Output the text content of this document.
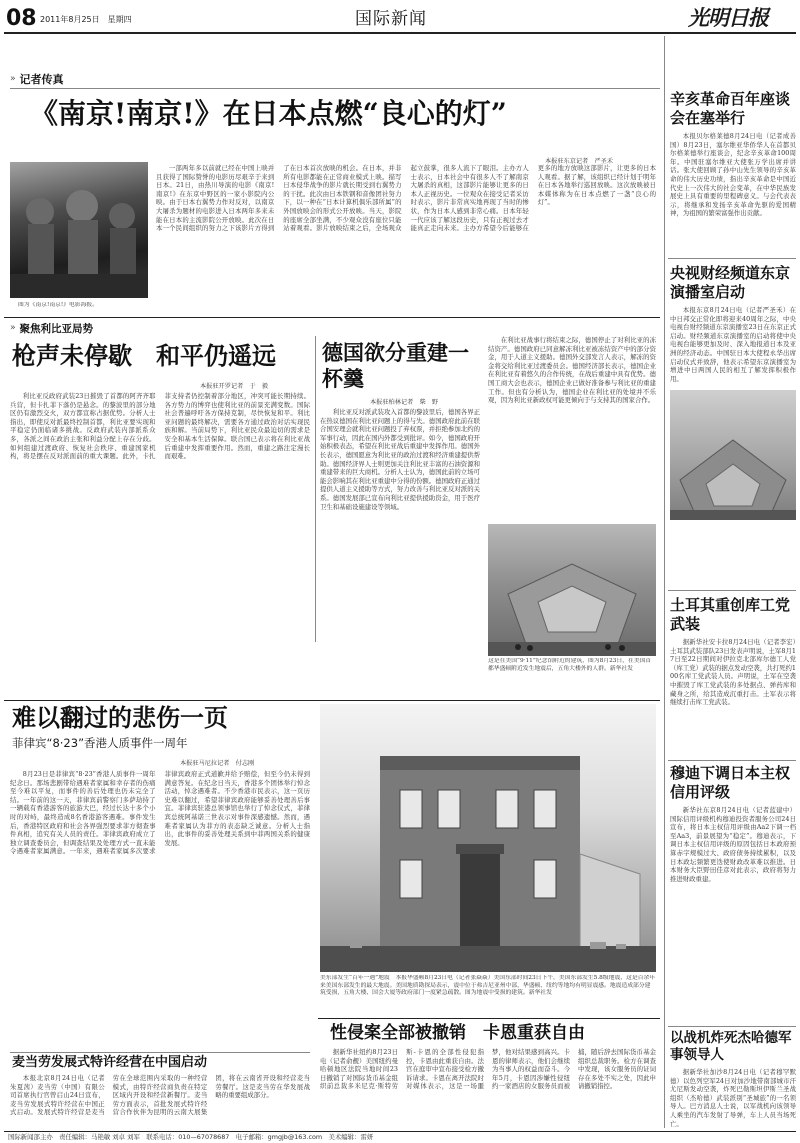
08 2011年8月25日　星期四	国际新闻	光明日报
» 记者传真
《南京!南京!》在日本点燃“良心的灯”
本报驻东京记者　严圣禾
图为《南京!南京!》电影海报。

一部两年多以前就已经在中国上映并且获得了国际赞誉的电影历尽艰辛于来到日本。21日，由热川导演的电影《南京!南京!》在东京中野区的一家小影院内公映。由于日本右翼势力作对反对，以南京大屠杀为题材的电影进入日本两年多来未能在日本的主流影院公开放映。此次在日本一个民间组织的努力之下该影片方得到了在日本首次放映的机会。在日本，并非所有电影都能在正常商业模式上映。描写日本侵华战争的影片就长期受到右翼势力的干扰。此次由日本铁钢和音像团社努力下，以一种在“日本计算机俱乐部所属”的外国放映会的形式公开放映。当天，影院的座席全部坐满，不少观众没有座位只能站着观看。影片放映结束之后，全场观众起立鼓掌，很多人流下了眼泪。主办方人士表示，日本社会中有很多人不了解南京大屠杀的真相，这部影片能够让更多的日本人正视历史。一位观众在接受记者采访时表示，影片非常真实地再现了当时的惨状，作为日本人感到非常心痛。日本年轻一代应该了解这段历史，只有正视过去才能真正走向未来。主办方希望今后能够在更多的地方放映这部影片，让更多的日本人观看。据了解，该组织已经计划于明年在日本各地举行巡回放映。这次放映被日本媒体称为在日本点燃了一盏“良心的灯”。

» 聚焦利比亚局势
枪声未停歇　和平仍遥远
本报驻开罗记者　于　毅

利比亚反政府武装23日摧毁了首都的阿齐齐耶兵营，但卡扎菲下落仍是悬念。的黎波里的部分地区仍有激烈交火，双方都宣称占据优势。分析人士指出，即使反对派最终控制首都，利比亚要实现和平稳定仍面临诸多挑战。反政府武装内部派系众多，各派之间在政治主张和利益分配上存在分歧。如何组建过渡政府、恢复社会秩序、重建国家机构，将是摆在反对派面前的重大课题。此外，卡扎菲支持者仍控制着部分地区，冲突可能长期持续。各方势力的博弈也使利比亚的前景充满变数。国际社会普遍呼吁各方保持克制，尽快恢复和平。利比亚问题的最终解决，需要各方通过政治对话实现民族和解。当前局势下，利比亚民众最迫切的需求是安全和基本生活保障。联合国已表示将在利比亚战后重建中发挥重要作用。然而，重建之路注定漫长而艰难。

德国欲分重建一杯羹
本报驻柏林记者　柴　野

利比亚反对派武装攻入首都的黎波里后，德国各界正在热议德国在利比亚问题上的得与失。德国政府此前在联合国安理会就利比亚问题投了弃权票，并拒绝参加北约的军事行动，因此在国内外都受到批评。如今，德国政府开始积极表态，希望在利比亚战后重建中发挥作用。德国外长表示，德国愿意为利比亚的政治过渡和经济重建提供帮助。德国经济界人士则更加关注利比亚丰富的石油资源和重建带来的巨大商机。分析人士认为，德国此前的立场可能会影响其在利比亚重建中分得的份额。德国政府正通过提供人道主义援助等方式，努力改善与利比亚反对派的关系。德国发展部已宣布向利比亚提供援助资金，用于医疗卫生和基础设施建设等领域。

在利比亚战事行将结束之际，德国停止了对利比亚的冻结资产。德国政府已同意解冻利比亚被冻结资产中的部分资金，用于人道主义援助。德国外交部发言人表示，解冻的资金将交给利比亚过渡委员会。德国经济部长表示，德国企业在利比亚有着悠久的合作传统，在战后重建中具有优势。德国工商大会也表示，德国企业已做好准备参与利比亚的重建工作。但也有分析认为，德国企业在利比亚的处境并不乐观，因为利比亚新政权可能更倾向于与支持其的国家合作。

这是在美国“9·11”纪念馆附近的建筑，图为8月23日，在美国首都华盛顿附近发生地震后，五角大楼外的人群。新华社发
难以翻过的悲伤一页
菲律宾“8·23”香港人质事件一周年
本报驻马尼拉记者　付志刚

8月23日是菲律宾“8·23”香港人质事件一周年纪念日。那场悲剧带给遇难者家属和幸存者的伤痛至今难以平复，而事件的善后处理也仍未完全了结。一年前的这一天，菲律宾前警察门多萨劫持了一辆载有香港游客的旅游大巴，经过长达十多个小时的对峙，最终造成8名香港游客遇难。事件发生后，香港特区政府和社会各界强烈要求菲方彻查事件真相，追究有关人员的责任。菲律宾政府成立了独立调查委员会，但调查结果及处理方式一直未能令遇难者家属满意。一年来，遇难者家属多次要求菲律宾政府正式道歉并给予赔偿，但至今仍未得到满意答复。在纪念日当天，香港多个团体举行悼念活动，悼念遇难者。不少香港市民表示，这一页历史难以翻过，希望菲律宾政府能够妥善处理善后事宜。菲律宾驻港总领事馆也举行了悼念仪式，菲律宾总统阿基诺三世表示对事件深感遗憾。然而，遇难者家属认为菲方的表态缺乏诚意。分析人士指出，此事件的妥善处理关系到中菲两国关系的健康发展。

美东部发生“百年一遇”地震　本报华盛顿8月23日电（记者张焱焱）美国东部时间23日下午，美国东部发生5.8级地震，这是百余年来美国东部发生的最大地震。美国地质勘探局表示，震中位于弗吉尼亚州中部，华盛顿、纽约等地均有明显震感。地震造成部分建筑受损，五角大楼、国会大厦等政府部门一度紧急疏散。图为地震中受损的建筑。新华社发
性侵案全部被撤销　卡恩重获自由

据新华社纽约8月23日电（记者俞靓）美国纽约曼哈顿地区法院当地时间23日撤销了对国际货币基金组织前总裁多米尼克·斯特劳斯-卡恩的全部性侵犯指控，卡恩由此重获自由。法官在庭审中宣布接受检方撤诉请求。卡恩在离开法院时对媒体表示，这是一场噩梦，他对结果感到高兴。卡恩的律师表示，他们会继续为当事人的权益而奋斗。今年5月，卡恩因涉嫌性侵纽约一家酒店的女服务员而被捕，随后辞去国际货币基金组织总裁职务。检方在调查中发现，该女服务员的证词存在多处不实之处，因此申请撤销指控。

麦当劳发展式特许经营在中国启动

本报北京8月24日电（记者朱夏茜）麦当劳（中国）有限公司首席执行官曾启山24日宣布，麦当劳发展式特许经营在中国正式启动。发展式特许经营是麦当劳在全球范围内采取的一种经营模式，由特许经营商负责在特定区域内开设和经营新餐厅。麦当劳方面表示，首批发展式特许经营合作伙伴为昆明的云南大展集团，将在云南省开设和经营麦当劳餐厅。这是麦当劳在华发展战略的重要组成部分。

辛亥革命百年座谈会在塞举行

本报贝尔格莱德8月24日电（记者成善国）8月23日，塞尔维亚华侨华人在首都贝尔格莱德举行座谈会，纪念辛亥革命100周年。中国驻塞尔维亚大使张万学出席并讲话。张大使回顾了孙中山先生领导的辛亥革命的伟大历史功绩，指出辛亥革命是中国近代史上一次伟大的社会变革，在中华民族发展史上具有重要的里程碑意义。与会代表表示，将继承和发扬辛亥革命先驱的爱国精神，为祖国的繁荣富强作出贡献。

央视财经频道东京演播室启动

本报东京8月24日电（记者严圣禾）在中日邦交正常化即将迎来40周年之际，中央电视台财经频道东京演播室23日在东京正式启动。财经频道东京演播室的启动将使中央电视台能够更加及时、深入地报道日本及亚洲的经济动态。中国驻日本大使程永华出席启动仪式并致辞，他表示希望东京演播室为增进中日两国人民的相互了解发挥积极作用。

土耳其重创库工党武装

据新华社安卡拉8月24日电（记者李宏）土耳其武装部队23日发表声明说，土军8月17日至22日期间对伊拉克北部库尔德工人党（库工党）武装的据点发动空袭，共打死约100名库工党武装人员。声明说，土军在空袭中摧毁了库工党武装的多处据点、弹药库和藏身之所，给其造成沉重打击。土军表示将继续打击库工党武装。

穆迪下调日本主权信用评级

新华社东京8月24日电（记者蓝建中）国际信用评级机构穆迪投资者服务公司24日宣布，将日本主权信用评级由Aa2下调一档至Aa3，前景展望为“稳定”。穆迪表示，下调日本主权信用评级的原因包括日本政府预算赤字规模过大、政府债务持续累积，以及日本政坛频繁更迭使财政改革难以推进。日本财务大臣野田佳彦对此表示，政府将努力推进财政重建。

以战机炸死杰哈德军事领导人

据新华社加沙8月24日电（记者穆罕默德）以色列空军24日对加沙地带南部城市汗尤尼斯发动空袭，炸死巴勒斯坦伊斯兰圣战组织（杰哈德）武装派别“圣城旅”的一名领导人。巴方消息人士说，以军战机向该领导人乘坐的汽车发射了导弹，车上人员当场死亡。

国际新闻部主办　责任编辑：马艳敏 刘卓 刘军　联系电话：010—67078687　电子邮箱：gmgjb@163.com　美术编辑：雷妍
